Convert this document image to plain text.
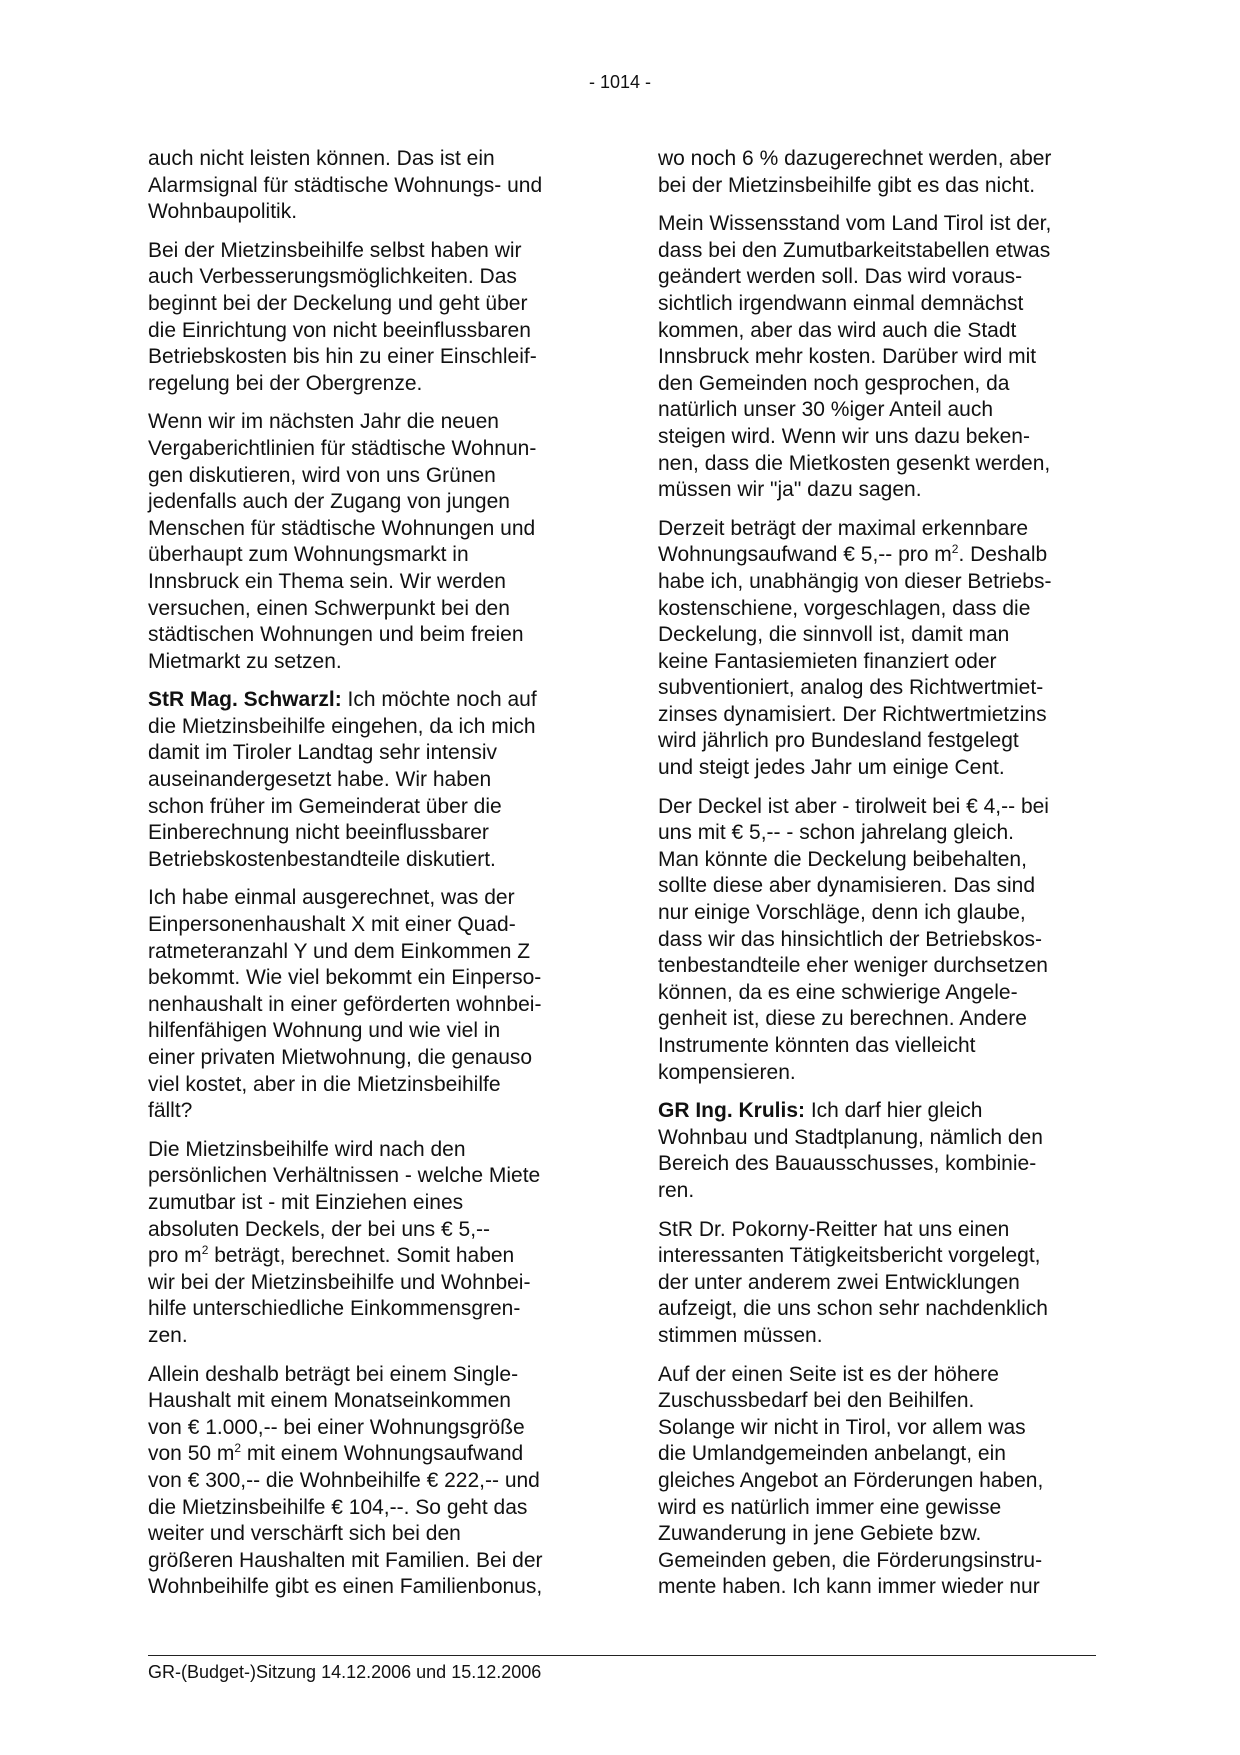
- 1014 -
auch nicht leisten können. Das ist ein
Alarmsignal für städtische Wohnungs- und
Wohnbaupolitik.
Bei der Mietzinsbeihilfe selbst haben wir
auch Verbesserungsmöglichkeiten. Das
beginnt bei der Deckelung und geht über
die Einrichtung von nicht beeinflussbaren
Betriebskosten bis hin zu einer Einschleif-
regelung bei der Obergrenze.
Wenn wir im nächsten Jahr die neuen
Vergaberichtlinien für städtische Wohnun-
gen diskutieren, wird von uns Grünen
jedenfalls auch der Zugang von jungen
Menschen für städtische Wohnungen und
überhaupt zum Wohnungsmarkt in
Innsbruck ein Thema sein. Wir werden
versuchen, einen Schwerpunkt bei den
städtischen Wohnungen und beim freien
Mietmarkt zu setzen.
StR Mag. Schwarzl: Ich möchte noch auf
die Mietzinsbeihilfe eingehen, da ich mich
damit im Tiroler Landtag sehr intensiv
auseinandergesetzt habe. Wir haben
schon früher im Gemeinderat über die
Einberechnung nicht beeinflussbarer
Betriebskostenbestandteile diskutiert.
Ich habe einmal ausgerechnet, was der
Einpersonenhaushalt X mit einer Quad-
ratmeteranzahl Y und dem Einkommen Z
bekommt. Wie viel bekommt ein Einperso-
nenhaushalt in einer geförderten wohnbei-
hilfenfähigen Wohnung und wie viel in
einer privaten Mietwohnung, die genauso
viel kostet, aber in die Mietzinsbeihilfe
fällt?
Die Mietzinsbeihilfe wird nach den
persönlichen Verhältnissen - welche Miete
zumutbar ist - mit Einziehen eines
absoluten Deckels, der bei uns € 5,--
pro $m^2$ beträgt, berechnet. Somit haben
wir bei der Mietzinsbeihilfe und Wohnbei-
hilfe unterschiedliche Einkommensgren-
zen.
Allein deshalb beträgt bei einem Single-
Haushalt mit einem Monatseinkommen
von € 1.000,-- bei einer Wohnungsgröße
von 50 $m^2$ mit einem Wohnungsaufwand
von € 300,-- die Wohnbeihilfe € 222,-- und
die Mietzinsbeihilfe € 104,--. So geht das
weiter und verschärft sich bei den
größeren Haushalten mit Familien. Bei der
Wohnbeihilfe gibt es einen Familienbonus,
wo noch 6 % dazugerechnet werden, aber
bei der Mietzinsbeihilfe gibt es das nicht.
Mein Wissensstand vom Land Tirol ist der,
dass bei den Zumutbarkeitstabellen etwas
geändert werden soll. Das wird voraus-
sichtlich irgendwann einmal demnächst
kommen, aber das wird auch die Stadt
Innsbruck mehr kosten. Darüber wird mit
den Gemeinden noch gesprochen, da
natürlich unser 30 %iger Anteil auch
steigen wird. Wenn wir uns dazu beken-
nen, dass die Mietkosten gesenkt werden,
müssen wir "ja" dazu sagen.
Derzeit beträgt der maximal erkennbare
Wohnungsaufwand € 5,-- pro $m^2$. Deshalb
habe ich, unabhängig von dieser Betriebs-
kostenschiene, vorgeschlagen, dass die
Deckelung, die sinnvoll ist, damit man
keine Fantasiemieten finanziert oder
subventioniert, analog des Richtwertmiet-
zinses dynamisiert. Der Richtwertmietzins
wird jährlich pro Bundesland festgelegt
und steigt jedes Jahr um einige Cent.
Der Deckel ist aber - tirolweit bei € 4,-- bei
uns mit € 5,-- - schon jahrelang gleich.
Man könnte die Deckelung beibehalten,
sollte diese aber dynamisieren. Das sind
nur einige Vorschläge, denn ich glaube,
dass wir das hinsichtlich der Betriebskos-
tenbestandteile eher weniger durchsetzen
können, da es eine schwierige Angele-
genheit ist, diese zu berechnen. Andere
Instrumente könnten das vielleicht
kompensieren.
GR Ing. Krulis: Ich darf hier gleich
Wohnbau und Stadtplanung, nämlich den
Bereich des Bauausschusses, kombinie-
ren.
StR Dr. Pokorny-Reitter hat uns einen
interessanten Tätigkeitsbericht vorgelegt,
der unter anderem zwei Entwicklungen
aufzeigt, die uns schon sehr nachdenklich
stimmen müssen.
Auf der einen Seite ist es der höhere
Zuschussbedarf bei den Beihilfen.
Solange wir nicht in Tirol, vor allem was
die Umlandgemeinden anbelangt, ein
gleiches Angebot an Förderungen haben,
wird es natürlich immer eine gewisse
Zuwanderung in jene Gebiete bzw.
Gemeinden geben, die Förderungsinstru-
mente haben. Ich kann immer wieder nur
GR-(Budget-)Sitzung 14.12.2006 und 15.12.2006
